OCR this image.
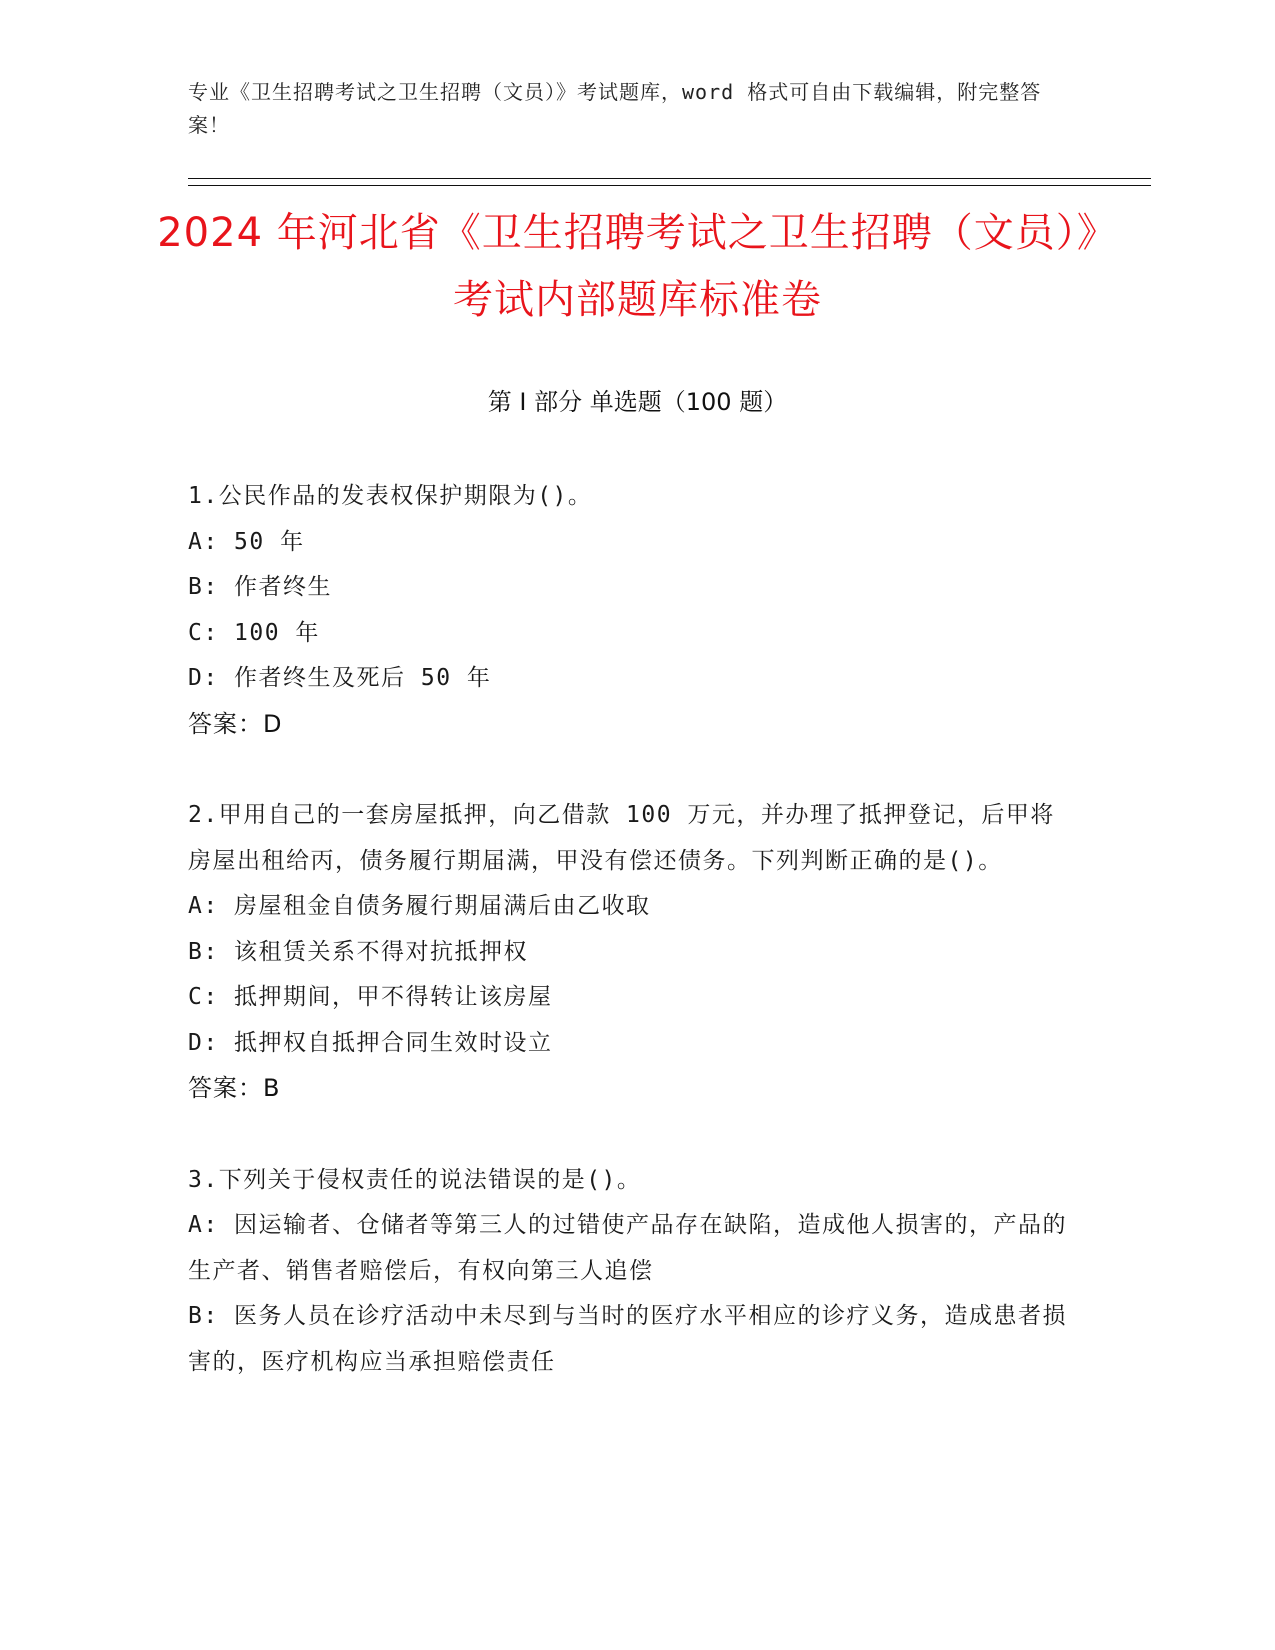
专业《卫生招聘考试之卫生招聘（文员）》考试题库，word 格式可自由下载编辑，附完整答案！
2024 年河北省《卫生招聘考试之卫生招聘（文员）》考试内部题库标准卷
第 I 部分 单选题（100 题）
1.公民作品的发表权保护期限为()。
A: 50 年
B: 作者终生
C: 100 年
D: 作者终生及死后 50 年
答案：D
2.甲用自己的一套房屋抵押，向乙借款 100 万元，并办理了抵押登记，后甲将房屋出租给丙，债务履行期届满，甲没有偿还债务。下列判断正确的是()。
A: 房屋租金自债务履行期届满后由乙收取
B: 该租赁关系不得对抗抵押权
C: 抵押期间，甲不得转让该房屋
D: 抵押权自抵押合同生效时设立
答案：B
3.下列关于侵权责任的说法错误的是()。
A: 因运输者、仓储者等第三人的过错使产品存在缺陷，造成他人损害的，产品的生产者、销售者赔偿后，有权向第三人追偿
B: 医务人员在诊疗活动中未尽到与当时的医疗水平相应的诊疗义务，造成患者损害的，医疗机构应当承担赔偿责任
